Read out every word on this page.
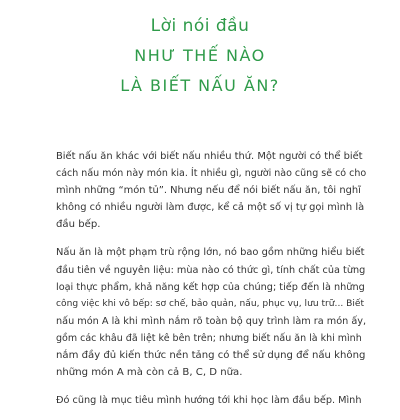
Lời nói đầu
NHƯ THẾ NÀO
LÀ BIẾT NẤU ĂN?

Biết nấu ăn khác với biết nấu nhiều thứ. Một người có thể biết
cách nấu món này món kia. Ít nhiều gì, người nào cũng sẽ có cho
mình những “món tủ”. Nhưng nếu để nói biết nấu ăn, tôi nghĩ
không có nhiều người làm được, kể cả một số vị tự gọi mình là
đầu bếp.

Nấu ăn là một phạm trù rộng lớn, nó bao gồm những hiểu biết
đầu tiên về nguyên liệu: mùa nào có thức gì, tính chất của từng
loại thực phẩm, khả năng kết hợp của chúng; tiếp đến là những
công việc khi vô bếp: sơ chế, bảo quản, nấu, phục vụ, lưu trữ... Biết
nấu món A là khi mình nắm rõ toàn bộ quy trình làm ra món ấy,
gồm các khâu đã liệt kê bên trên; nhưng biết nấu ăn là khi mình
nắm đầy đủ kiến thức nền tảng có thể sử dụng để nấu không
những món A mà còn cả B, C, D nữa.

Đó cũng là mục tiêu mình hướng tới khi học làm đầu bếp. Mình
